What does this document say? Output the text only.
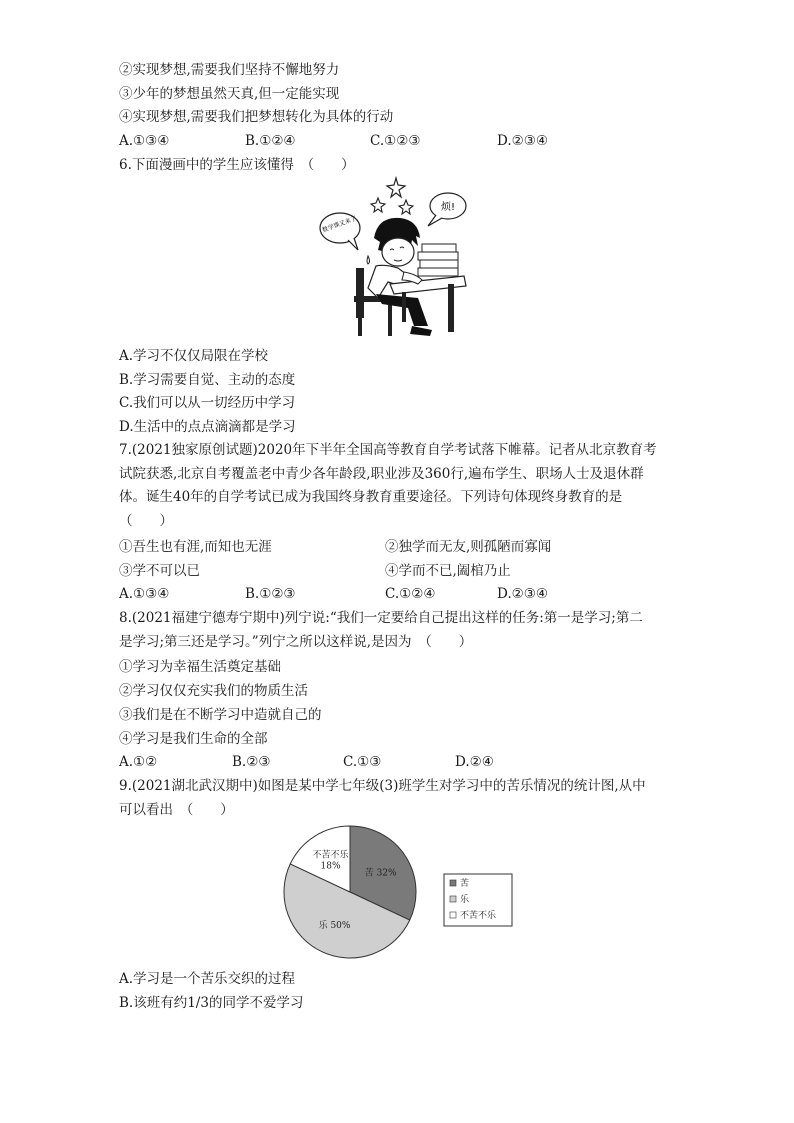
②实现梦想,需要我们坚持不懈地努力
③少年的梦想虽然天真,但一定能实现
④实现梦想,需要我们把梦想转化为具体的行动
A.①③④	B.①②④	C.①②③	D.②③④
6.下面漫画中的学生应该懂得　（　　）
数学课又来了
烦!
A.学习不仅仅局限在学校
B.学习需要自觉、主动的态度
C.我们可以从一切经历中学习
D.生活中的点点滴滴都是学习
7.(2021独家原创试题)2020年下半年全国高等教育自学考试落下帷幕。记者从北京教育考
试院获悉,北京自考覆盖老中青少各年龄段,职业涉及360行,遍布学生、职场人士及退休群
体。诞生40年的自学考试已成为我国终身教育重要途径。下列诗句体现终身教育的是
（　　）
①吾生也有涯,而知也无涯	②独学而无友,则孤陋而寡闻
③学不可以已	④学而不已,阖棺乃止
A.①③④	B.①②③	C.①②④	D.②③④
8.(2021福建宁德寿宁期中)列宁说:“我们一定要给自己提出这样的任务:第一是学习;第二
是学习;第三还是学习。”列宁之所以这样说,是因为　（　　）
①学习为幸福生活奠定基础
②学习仅仅充实我们的物质生活
③我们是在不断学习中造就自己的
④学习是我们生命的全部
A.①②	B.②③	C.①③	D.②④
9.(2021湖北武汉期中)如图是某中学七年级(3)班学生对学习中的苦乐情况的统计图,从中
可以看出　（　　）
苦 32%
乐 50%
不苦不乐
18%
苦
乐
不苦不乐
A.学习是一个苦乐交织的过程
B.该班有约1/3的同学不爱学习
